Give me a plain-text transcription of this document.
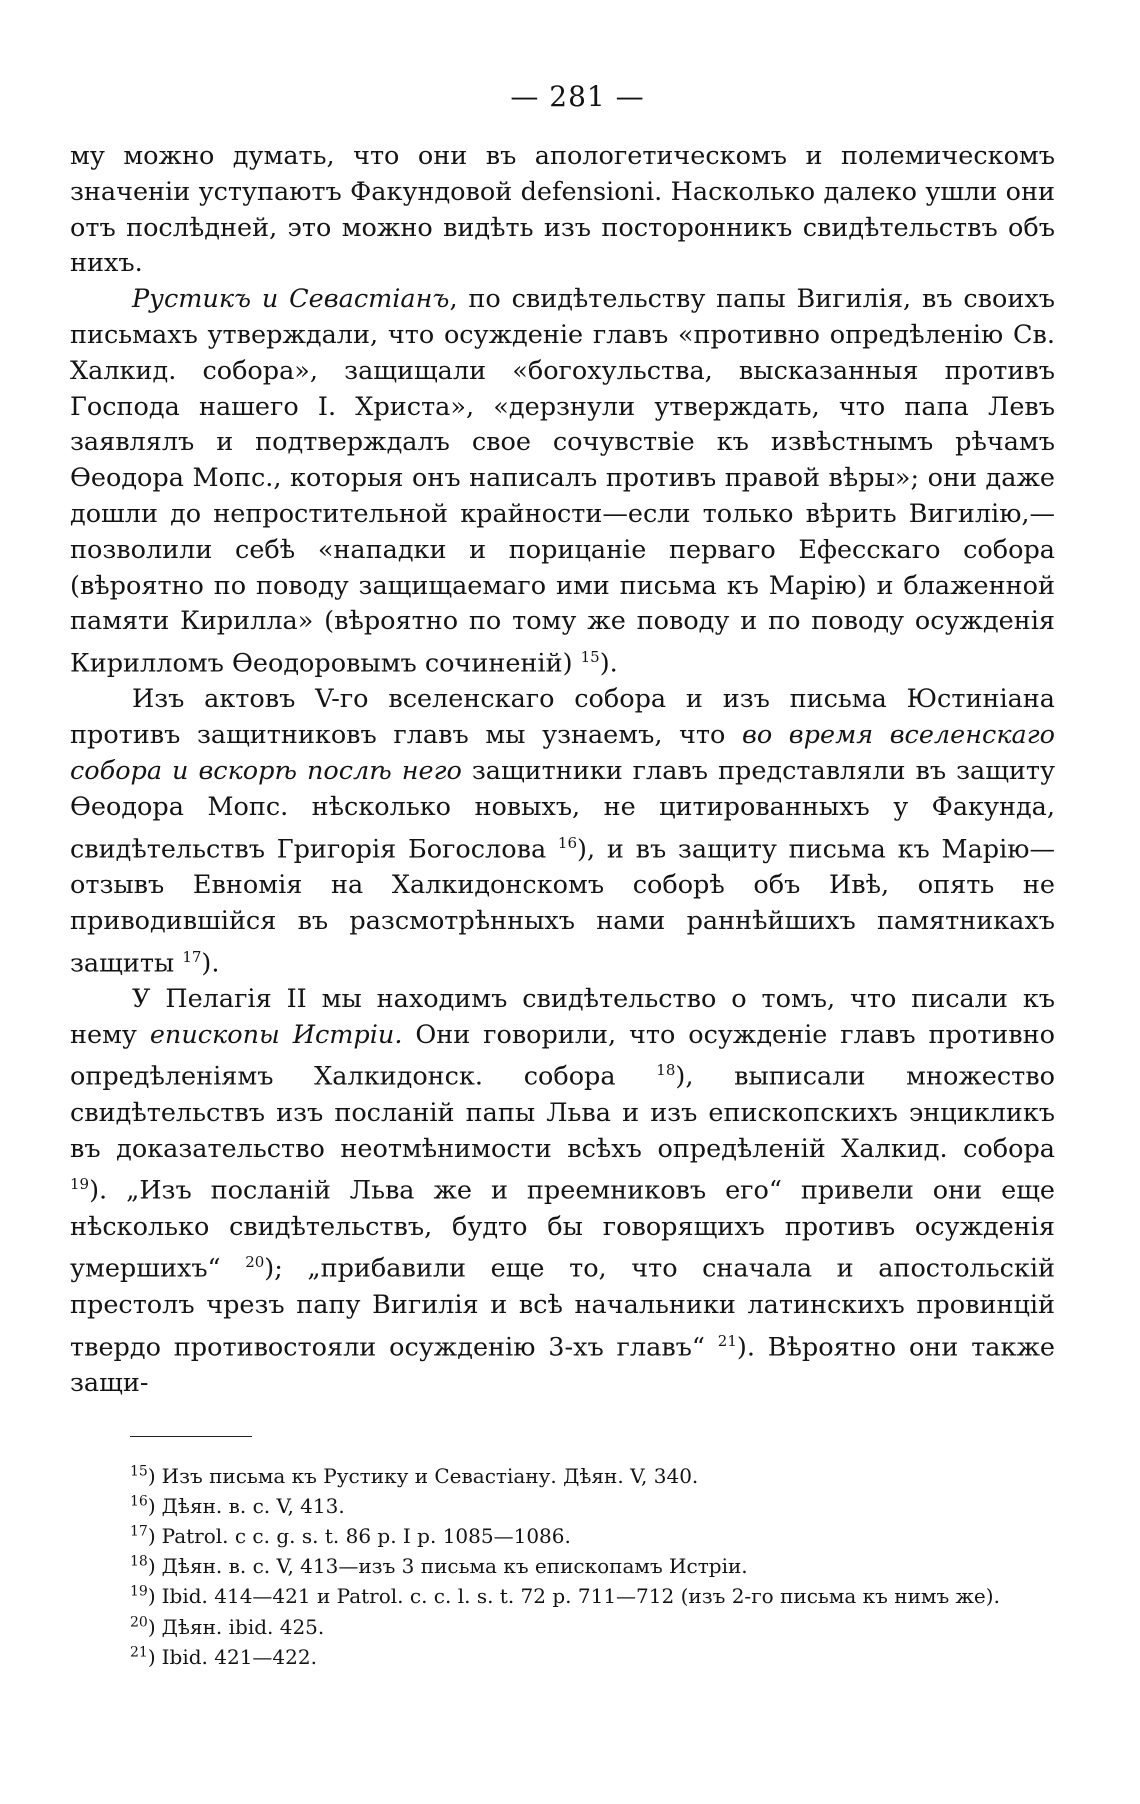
— 281 —

му можно думать, что они въ апологетическомъ и полемическомъ значеніи уступаютъ Факундовой defensioni. Насколько далеко ушли они отъ послѣдней, это можно видѣть изъ посторонникъ свидѣтельствъ объ нихъ.

Рустикъ и Севастіанъ, по свидѣтельству папы Вигилія, въ своихъ письмахъ утверждали, что осужденіе главъ «противно опредѣленію Св. Халкид. собора», защищали «богохульства, высказанныя противъ Господа нашего І. Христа», «дерзнули утверждать, что папа Левъ заявлялъ и подтверждалъ свое сочувствіе къ извѣстнымъ рѣчамъ Ѳеодора Мопс., которыя онъ написалъ противъ правой вѣры»; они даже дошли до непростительной крайности—если только вѣрить Вигилію,—позволили себѣ «нападки и порицаніе перваго Ефесскаго собора (вѣроятно по поводу защищаемаго ими письма къ Марію) и блаженной памяти Кирилла» (вѣроятно по тому же поводу и по поводу осужденія Кирилломъ Ѳеодоровымъ сочиненій) $^{15}$).

Изъ актовъ V-го вселенскаго собора и изъ письма Юстиніана противъ защитниковъ главъ мы узнаемъ, что во время вселенскаго собора и вскорѣ послѣ него защитники главъ представляли въ защиту Ѳеодора Мопс. нѣсколько новыхъ, не цитированныхъ у Факунда, свидѣтельствъ Григорія Богослова $^{16}$), и въ защиту письма къ Марію—отзывъ Евномія на Халкидонскомъ соборѣ объ Ивѣ, опять не приводившійся въ разсмотрѣнныхъ нами раннѣйшихъ памятникахъ защиты $^{17}$).

У Пелагія II мы находимъ свидѣтельство о томъ, что писали къ нему епископы Истріи. Они говорили, что осужденіе главъ противно опредѣленіямъ Халкидонск. собора $^{18}$), выписали множество свидѣтельствъ изъ посланій папы Льва и изъ епископскихъ энцикликъ въ доказательство неотмѣнимости всѣхъ опредѣленій Халкид. собора $^{19}$). „Изъ посланій Льва же и преемниковъ его“ привели они еще нѣсколько свидѣтельствъ, будто бы говорящихъ противъ осужденія умершихъ“ $^{20}$); „прибавили еще то, что сначала и апостольскій престолъ чрезъ папу Вигилія и всѣ начальники латинскихъ провинцій твердо противостояли осужденію 3-хъ главъ“ $^{21}$). Вѣроятно они также защи-

$^{15}$) Изъ письма къ Рустику и Севастіану. Дѣян. V, 340.

$^{16}$) Дѣян. в. с. V, 413.

$^{17}$) Patrol. c c. g. s. t. 86 p. I p. 1085—1086.

$^{18}$) Дѣян. в. с. V, 413—изъ 3 письма къ епископамъ Истріи.

$^{19}$) Ibid. 414—421 и Patrol. c. c. l. s. t. 72 p. 711—712 (изъ 2-го письма къ нимъ же).

$^{20}$) Дѣян. ibid. 425.

$^{21}$) Ibid. 421—422.
